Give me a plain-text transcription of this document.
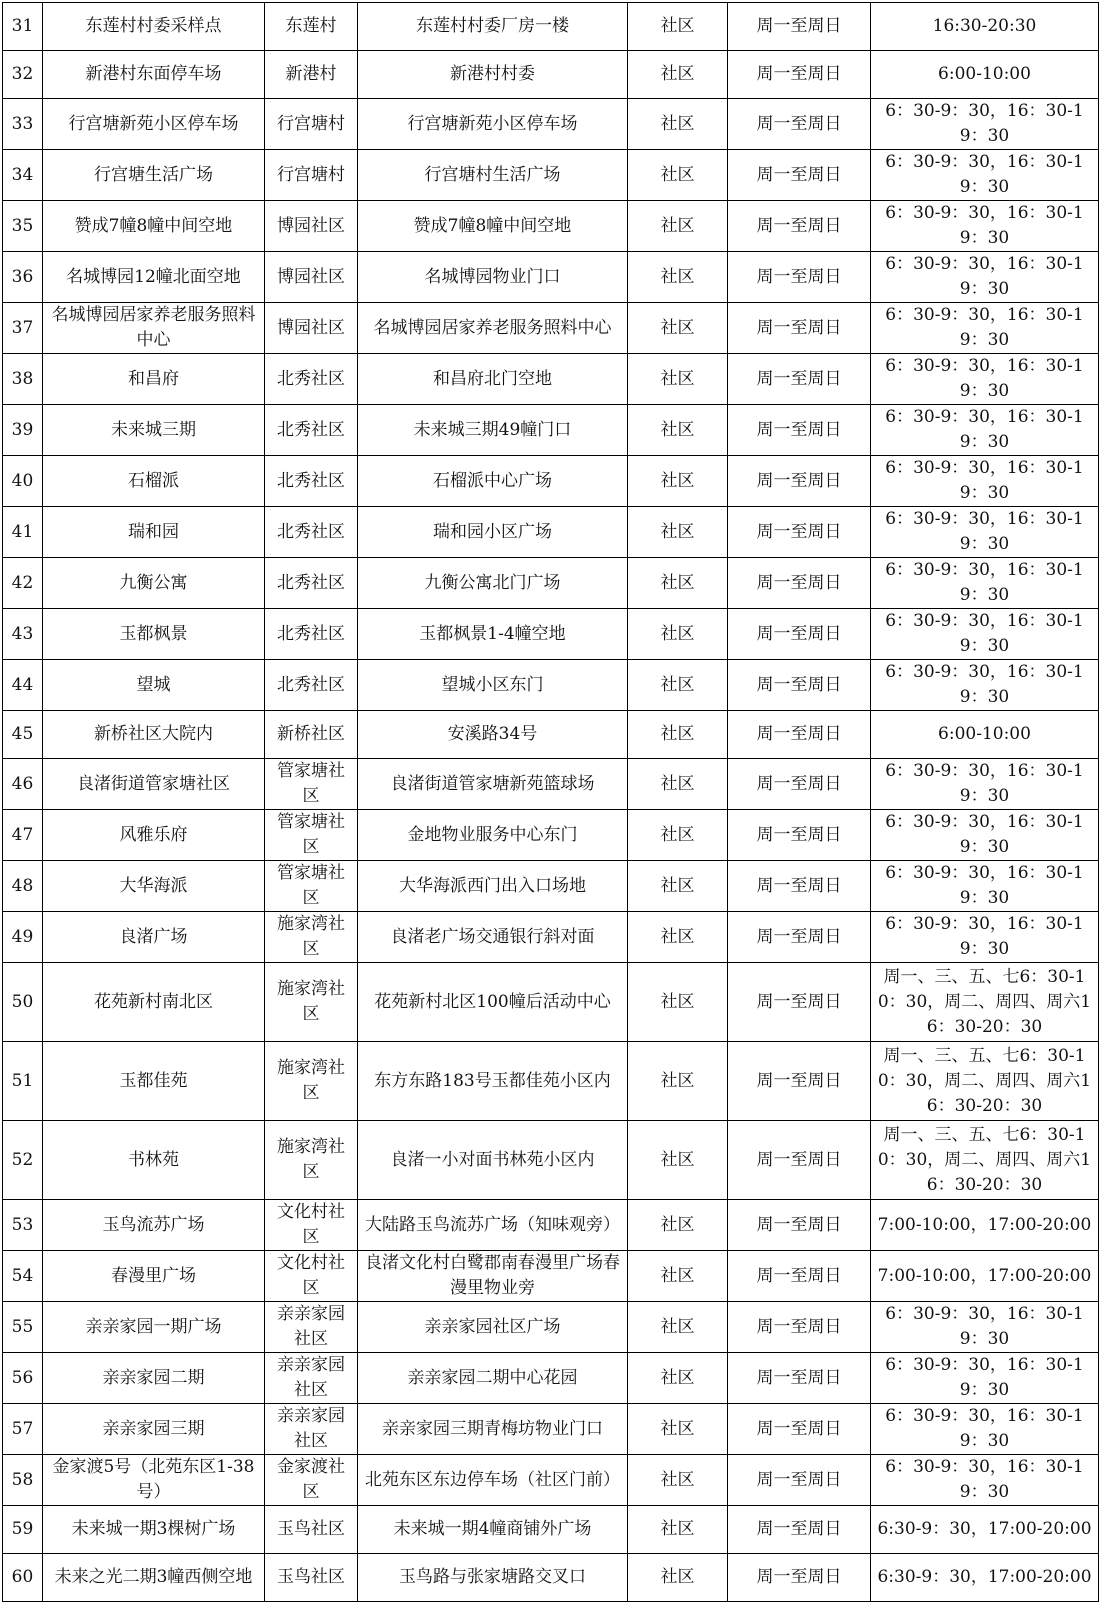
31	东莲村村委采样点	东莲村	东莲村村委厂房一楼	社区	周一至周日	16:30-20:30
32	新港村东面停车场	新港村	新港村村委	社区	周一至周日	6:00-10:00
33	行宫塘新苑小区停车场	行宫塘村	行宫塘新苑小区停车场	社区	周一至周日	6：30-9：30，16：30-19：30
34	行宫塘生活广场	行宫塘村	行宫塘村生活广场	社区	周一至周日	6：30-9：30，16：30-19：30
35	赞成7幢8幢中间空地	博园社区	赞成7幢8幢中间空地	社区	周一至周日	6：30-9：30，16：30-19：30
36	名城博园12幢北面空地	博园社区	名城博园物业门口	社区	周一至周日	6：30-9：30，16：30-19：30
37	名城博园居家养老服务照料中心	博园社区	名城博园居家养老服务照料中心	社区	周一至周日	6：30-9：30，16：30-19：30
38	和昌府	北秀社区	和昌府北门空地	社区	周一至周日	6：30-9：30，16：30-19：30
39	未来城三期	北秀社区	未来城三期49幢门口	社区	周一至周日	6：30-9：30，16：30-19：30
40	石榴派	北秀社区	石榴派中心广场	社区	周一至周日	6：30-9：30，16：30-19：30
41	瑞和园	北秀社区	瑞和园小区广场	社区	周一至周日	6：30-9：30，16：30-19：30
42	九衡公寓	北秀社区	九衡公寓北门广场	社区	周一至周日	6：30-9：30，16：30-19：30
43	玉都枫景	北秀社区	玉都枫景1-4幢空地	社区	周一至周日	6：30-9：30，16：30-19：30
44	望城	北秀社区	望城小区东门	社区	周一至周日	6：30-9：30，16：30-19：30
45	新桥社区大院内	新桥社区	安溪路34号	社区	周一至周日	6:00-10:00
46	良渚街道管家塘社区	管家塘社区	良渚街道管家塘新苑篮球场	社区	周一至周日	6：30-9：30，16：30-19：30
47	风雅乐府	管家塘社区	金地物业服务中心东门	社区	周一至周日	6：30-9：30，16：30-19：30
48	大华海派	管家塘社区	大华海派西门出入口场地	社区	周一至周日	6：30-9：30，16：30-19：30
49	良渚广场	施家湾社区	良渚老广场交通银行斜对面	社区	周一至周日	6：30-9：30，16：30-19：30
50	花苑新村南北区	施家湾社区	花苑新村北区100幢后活动中心	社区	周一至周日	周一、三、五、七6：30-10：30，周二、周四、周六16：30-20：30
51	玉都佳苑	施家湾社区	东方东路183号玉都佳苑小区内	社区	周一至周日	周一、三、五、七6：30-10：30，周二、周四、周六16：30-20：30
52	书林苑	施家湾社区	良渚一小对面书林苑小区内	社区	周一至周日	周一、三、五、七6：30-10：30，周二、周四、周六16：30-20：30
53	玉鸟流苏广场	文化村社区	大陆路玉鸟流苏广场（知味观旁）	社区	周一至周日	7:00-10:00，17:00-20:00
54	春漫里广场	文化村社区	良渚文化村白鹭郡南春漫里广场春漫里物业旁	社区	周一至周日	7:00-10:00，17:00-20:00
55	亲亲家园一期广场	亲亲家园社区	亲亲家园社区广场	社区	周一至周日	6：30-9：30，16：30-19：30
56	亲亲家园二期	亲亲家园社区	亲亲家园二期中心花园	社区	周一至周日	6：30-9：30，16：30-19：30
57	亲亲家园三期	亲亲家园社区	亲亲家园三期青梅坊物业门口	社区	周一至周日	6：30-9：30，16：30-19：30
58	金家渡5号（北苑东区1-38号）	金家渡社区	北苑东区东边停车场（社区门前）	社区	周一至周日	6：30-9：30，16：30-19：30
59	未来城一期3棵树广场	玉鸟社区	未来城一期4幢商铺外广场	社区	周一至周日	6:30-9：30，17:00-20:00
60	未来之光二期3幢西侧空地	玉鸟社区	玉鸟路与张家塘路交叉口	社区	周一至周日	6:30-9：30，17:00-20:00
